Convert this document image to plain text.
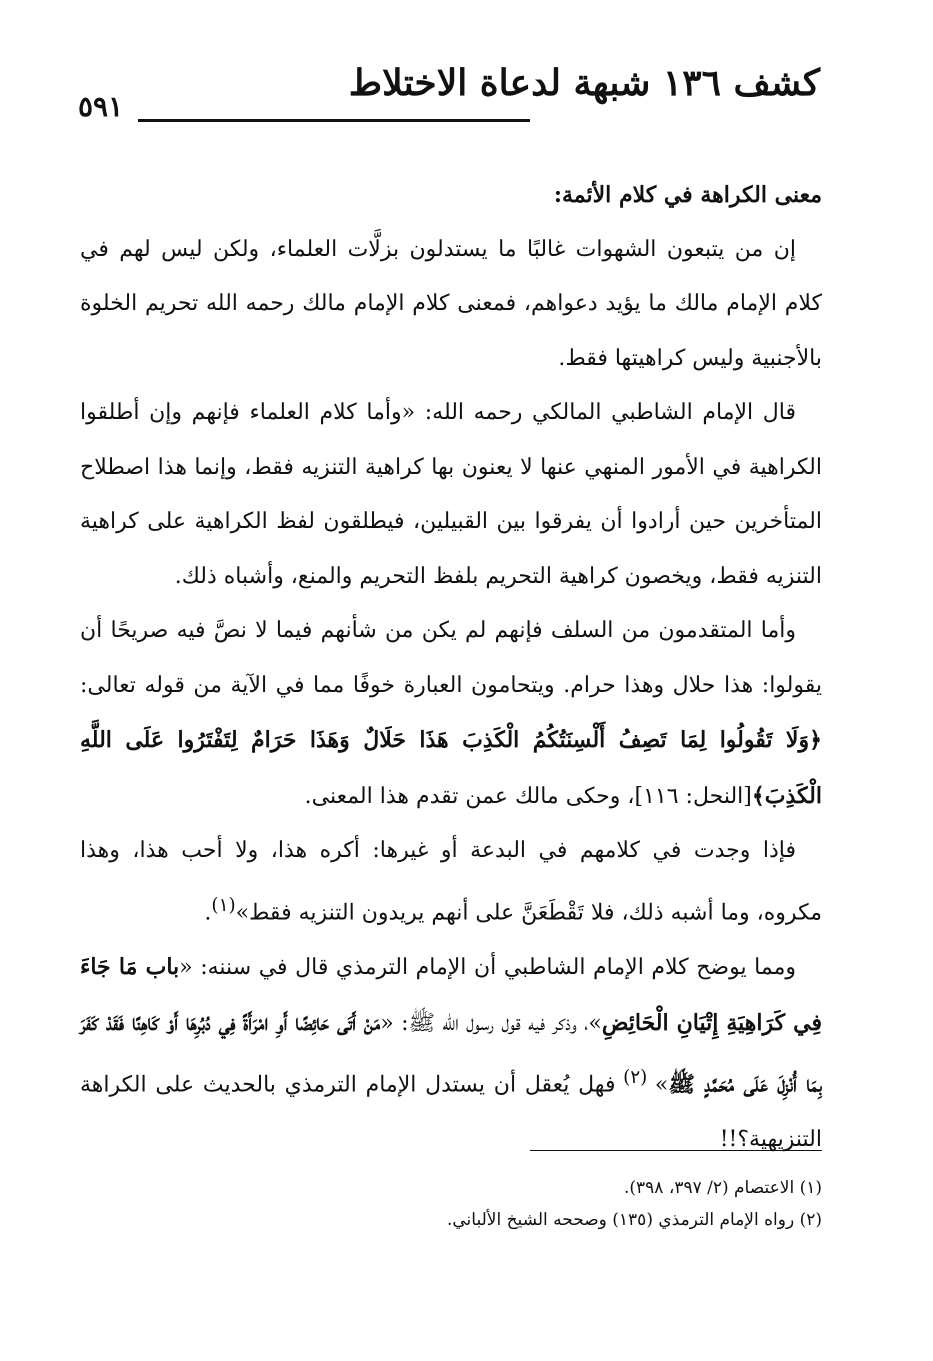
كشف ١٣٦ شبهة لدعاة الاختلاط
٥٩١

معنى الكراهة في كلام الأئمة:

إن من يتبعون الشهوات غالبًا ما يستدلون بزلَّات العلماء، ولكن ليس لهم في كلام الإمام مالك ما يؤيد دعواهم، فمعنى كلام الإمام مالك رحمه الله تحريم الخلوة بالأجنبية وليس كراهيتها فقط.

قال الإمام الشاطبي المالكي رحمه الله: «وأما كلام العلماء فإنهم وإن أطلقوا الكراهية في الأمور المنهي عنها لا يعنون بها كراهية التنزيه فقط، وإنما هذا اصطلاح المتأخرين حين أرادوا أن يفرقوا بين القبيلين، فيطلقون لفظ الكراهية على كراهية التنزيه فقط، ويخصون كراهية التحريم بلفظ التحريم والمنع، وأشباه ذلك.

وأما المتقدمون من السلف فإنهم لم يكن من شأنهم فيما لا نصَّ فيه صريحًا أن يقولوا: هذا حلال وهذا حرام. ويتحامون العبارة خوفًا مما في الآية من قوله تعالى: ﴿وَلَا تَقُولُوا لِمَا تَصِفُ أَلْسِنَتُكُمُ الْكَذِبَ هَذَا حَلَالٌ وَهَذَا حَرَامٌ لِتَفْتَرُوا عَلَى اللَّهِ الْكَذِبَ﴾[النحل: ١١٦]، وحكى مالك عمن تقدم هذا المعنى.

فإذا وجدت في كلامهم في البدعة أو غيرها: أكره هذا، ولا أحب هذا، وهذا مكروه، وما أشبه ذلك، فلا تَقْطَعَنَّ على أنهم يريدون التنزيه فقط»$^{(١)}$.

ومما يوضح كلام الإمام الشاطبي أن الإمام الترمذي قال في سننه: «باب مَا جَاءَ فِي كَرَاهِيَةِ إِتْيَانِ الْحَائِضِ»، وذكر فيه قول رسول الله ﷺ: «مَنْ أَتَى حَائِضًا أَوِ امْرَأَةً فِي دُبُرِهَا أَوْ كَاهِنًا فَقَدْ كَفَرَ بِمَا أُنْزِلَ عَلَى مُحَمَّدٍ ﷺ» $^{(٢)}$ فهل يُعقل أن يستدل الإمام الترمذي بالحديث على الكراهة التنزيهية؟!!

(١) الاعتصام (٢/ ٣٩٧، ٣٩٨).

(٢) رواه الإمام الترمذي (١٣٥) وصححه الشيخ الألباني.
